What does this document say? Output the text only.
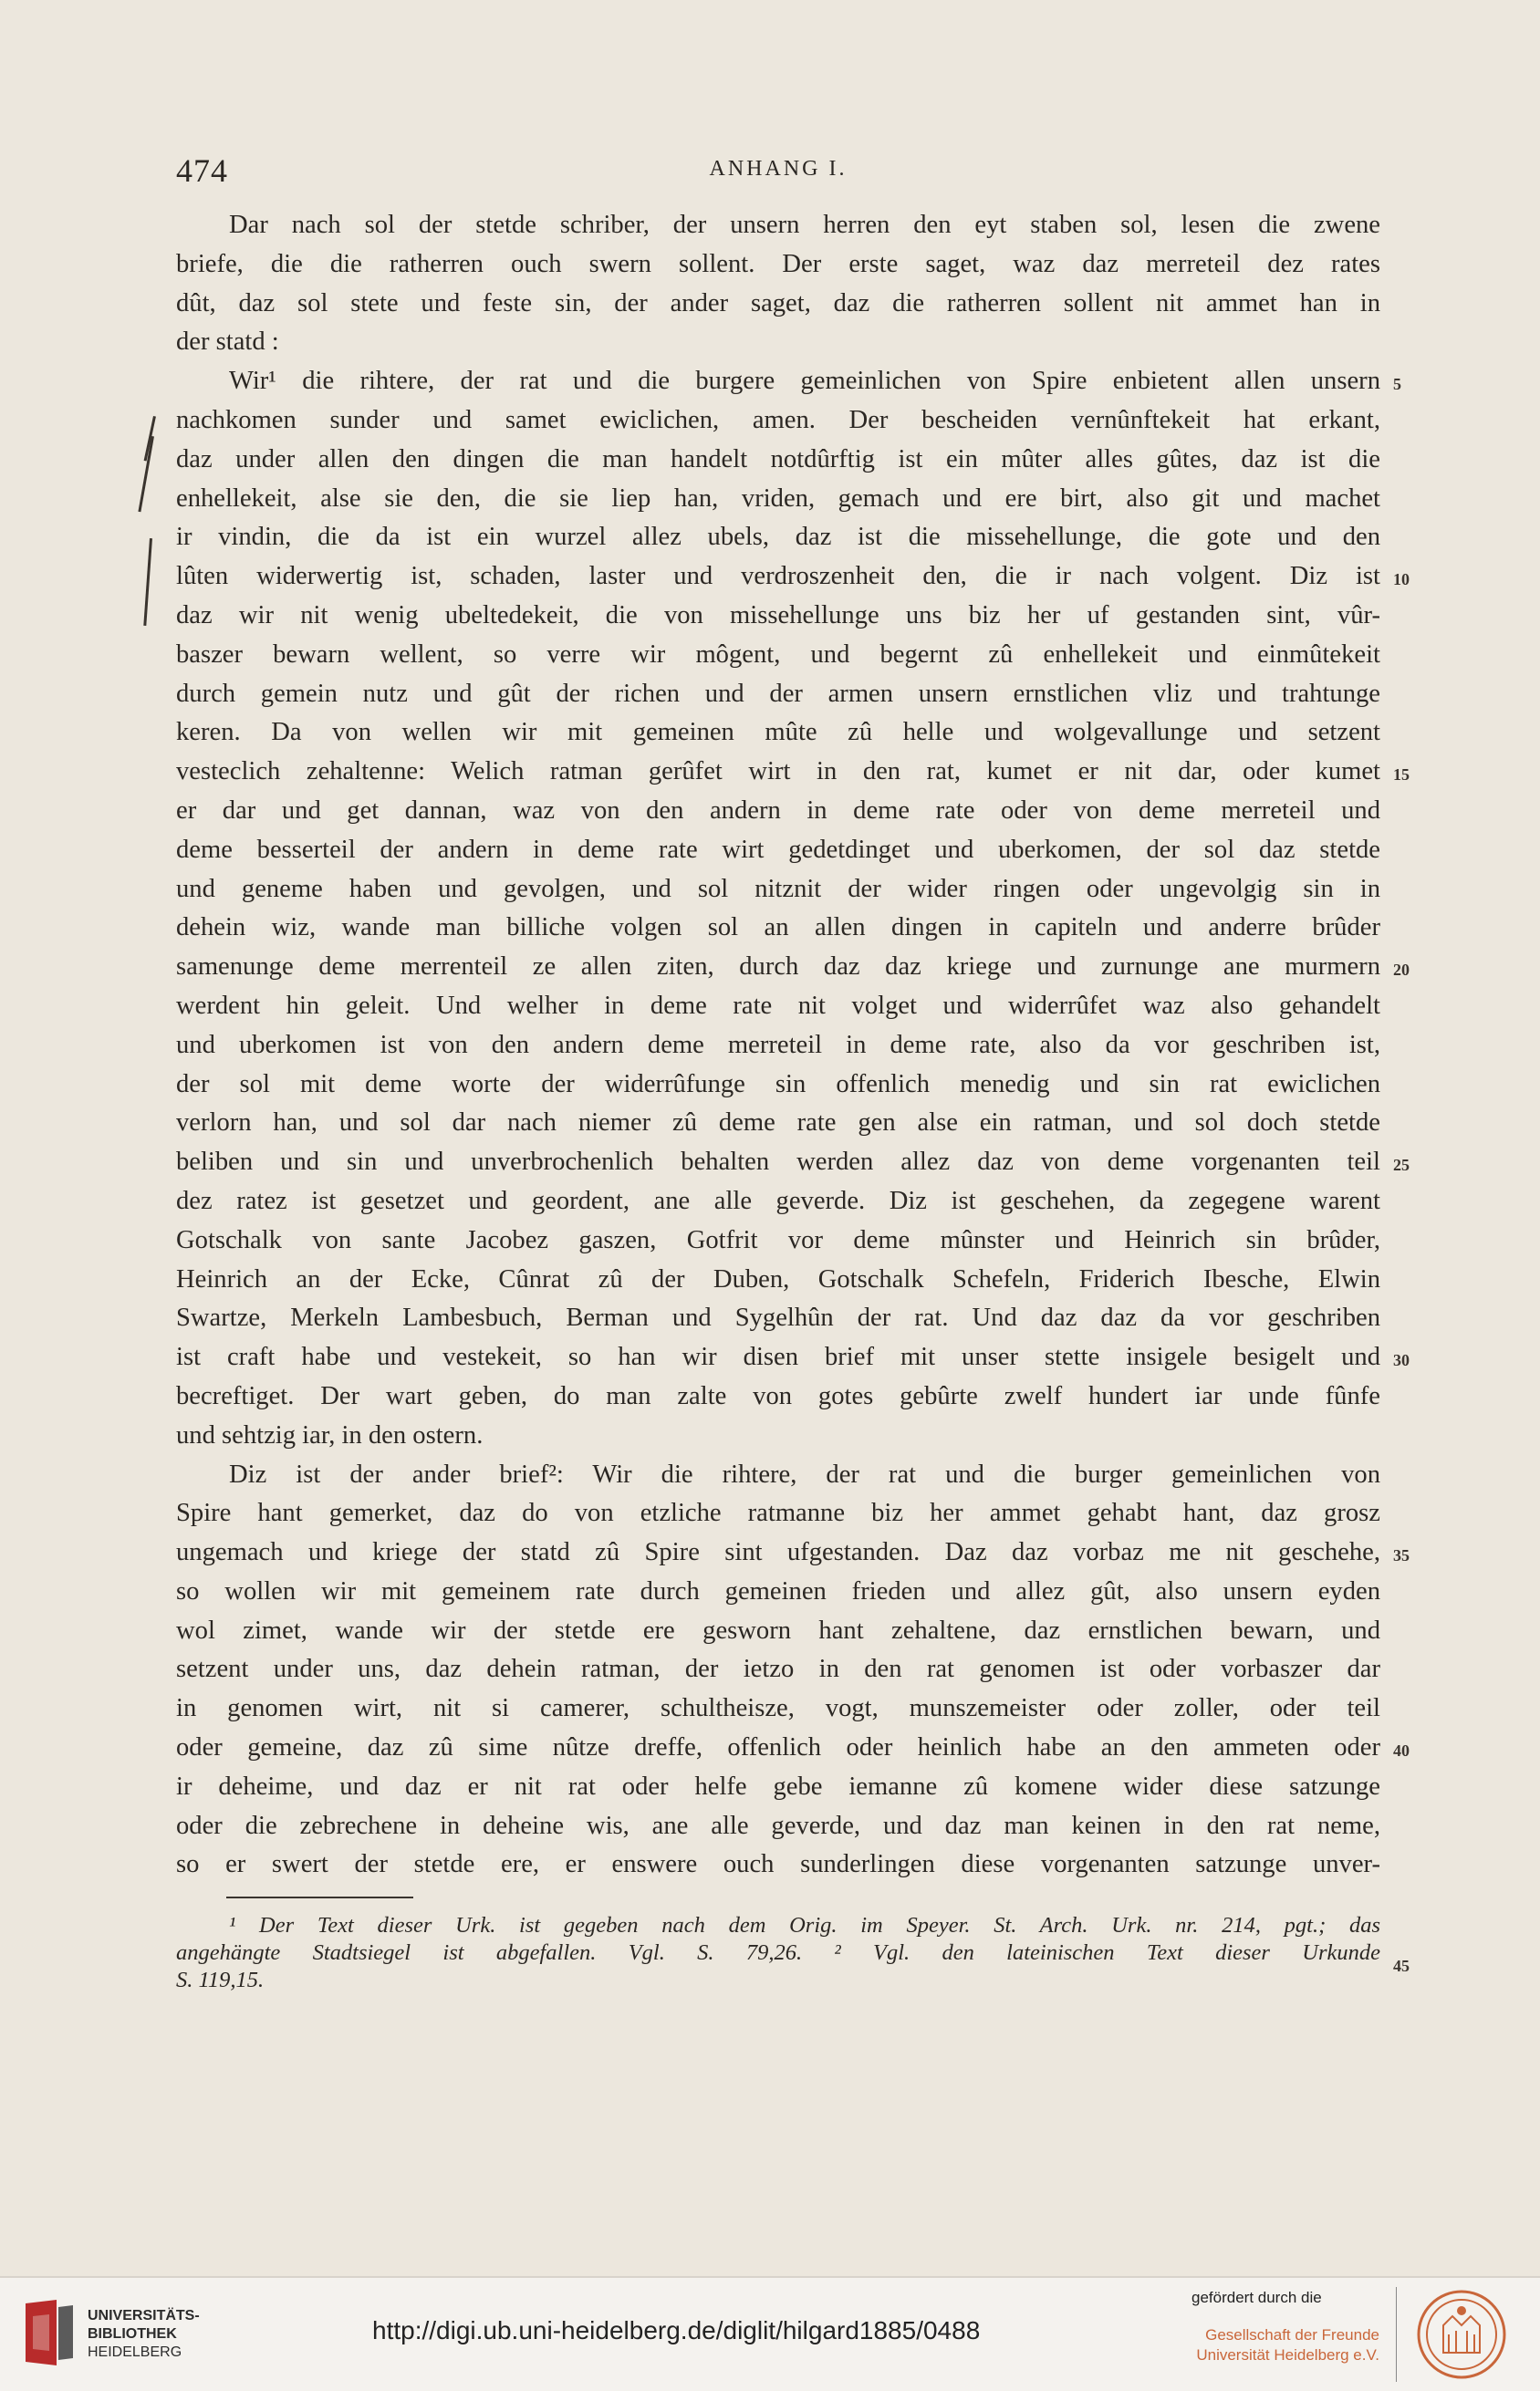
474	ANHANG I.
Dar nach sol der stetde schriber, der unsern herren den eyt staben sol, lesen die zwene
briefe, die die ratherren ouch swern sollent. Der erste saget, waz daz merreteil dez rates
dût, daz sol stete und feste sin, der ander saget, daz die ratherren sollent nit ammet han in
der statd :
Wir¹ die rihtere, der rat und die burgere gemeinlichen von Spire enbietent allen unsern
nachkomen sunder und samet ewiclichen, amen. Der bescheiden vernûnftekeit hat erkant,
daz under allen den dingen die man handelt notdûrftig ist ein mûter alles gûtes, daz ist die
enhellekeit, alse sie den, die sie liep han, vriden, gemach und ere birt, also git und machet
ir vindin, die da ist ein wurzel allez ubels, daz ist die missehellunge, die gote und den
lûten widerwertig ist, schaden, laster und verdroszenheit den, die ir nach volgent. Diz ist
daz wir nit wenig ubeltedekeit, die von missehellunge uns biz her uf gestanden sint, vûr-
baszer bewarn wellent, so verre wir môgent, und begernt zû enhellekeit und einmûtekeit
durch gemein nutz und gût der richen und der armen unsern ernstlichen vliz und trahtunge
keren. Da von wellen wir mit gemeinen mûte zû helle und wolgevallunge und setzent
vesteclich zehaltenne: Welich ratman gerûfet wirt in den rat, kumet er nit dar, oder kumet
er dar und get dannan, waz von den andern in deme rate oder von deme merreteil und
deme besserteil der andern in deme rate wirt gedetdinget und uberkomen, der sol daz stetde
und geneme haben und gevolgen, und sol nitznit der wider ringen oder ungevolgig sin in
dehein wiz, wande man billiche volgen sol an allen dingen in capiteln und anderre brûder
samenunge deme merrenteil ze allen ziten, durch daz daz kriege und zurnunge ane murmern
werdent hin geleit. Und welher in deme rate nit volget und widerrûfet waz also gehandelt
und uberkomen ist von den andern deme merreteil in deme rate, also da vor geschriben ist,
der sol mit deme worte der widerrûfunge sin offenlich menedig und sin rat ewiclichen
verlorn han, und sol dar nach niemer zû deme rate gen alse ein ratman, und sol doch stetde
beliben und sin und unverbrochenlich behalten werden allez daz von deme vorgenanten teil
dez ratez ist gesetzet und geordent, ane alle geverde. Diz ist geschehen, da zegegene warent
Gotschalk von sante Jacobez gaszen, Gotfrit vor deme mûnster und Heinrich sin brûder,
Heinrich an der Ecke, Cûnrat zû der Duben, Gotschalk Schefeln, Friderich Ibesche, Elwin
Swartze, Merkeln Lambesbuch, Berman und Sygelhûn der rat. Und daz daz da vor geschriben
ist craft habe und vestekeit, so han wir disen brief mit unser stette insigele besigelt und
becreftiget. Der wart geben, do man zalte von gotes gebûrte zwelf hundert iar unde fûnfe
und sehtzig iar, in den ostern.
Diz ist der ander brief²: Wir die rihtere, der rat und die burger gemeinlichen von
Spire hant gemerket, daz do von etzliche ratmanne biz her ammet gehabt hant, daz grosz
ungemach und kriege der statd zû Spire sint ufgestanden. Daz daz vorbaz me nit geschehe,
so wollen wir mit gemeinem rate durch gemeinen frieden und allez gût, also unsern eyden
wol zimet, wande wir der stetde ere gesworn hant zehaltene, daz ernstlichen bewarn, und
setzent under uns, daz dehein ratman, der ietzo in den rat genomen ist oder vorbaszer dar
in genomen wirt, nit si camerer, schultheisze, vogt, munszemeister oder zoller, oder teil
oder gemeine, daz zû sime nûtze dreffe, offenlich oder heinlich habe an den ammeten oder
ir deheime, und daz er nit rat oder helfe gebe iemanne zû komene wider diese satzunge
oder die zebrechene in deheine wis, ane alle geverde, und daz man keinen in den rat neme,
so er swert der stetde ere, er enswere ouch sunderlingen diese vorgenanten satzunge unver-
5
10
15
20
25
30
35
40
¹ Der Text dieser Urk. ist gegeben nach dem Orig. im Speyer. St. Arch. Urk. nr. 214, pgt.; das
angehängte Stadtsiegel ist abgefallen. Vgl. S. 79,26. ² Vgl. den lateinischen Text dieser Urkunde
S. 119,15.
45
UNIVERSITÄTS-
BIBLIOTHEK
HEIDELBERG
http://digi.ub.uni-heidelberg.de/diglit/hilgard1885/0488
gefördert durch die
Gesellschaft der Freunde
Universität Heidelberg e.V.
